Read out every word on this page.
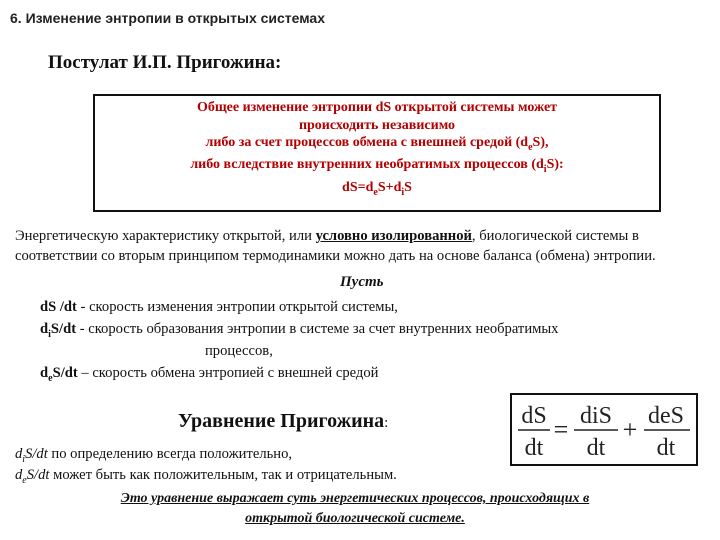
6. Изменение энтропии в открытых системах
Постулат И.П. Пригожина:
Общее изменение энтропии dS открытой системы может
происходить независимо
либо за счет процессов обмена с внешней средой $(d_eS)$,
либо вследствие внутренних необратимых процессов $(d_iS)$:
$dS=d_eS+d_iS$
Энергетическую характеристику открытой, или условно изолированной, биологической системы в соответствии со вторым принципом термодинамики можно дать на основе баланса (обмена) энтропии.
Пусть
dS /dt - скорость изменения энтропии открытой системы,
$d_iS/dt$ - скорость образования энтропии в системе за счет внутренних необратимых
процессов,
$d_eS/dt$ – скорость обмена энтропией с внешней средой
Уравнение Пригожина:	dS
dt
= diS
dt
+ deS
dt
$d_iS/dt$ по определению всегда положительно,
$d_eS/dt$ может быть как положительным, так и отрицательным.
Это уравнение выражает суть энергетических процессов, происходящих в
открытой биологической системе.
